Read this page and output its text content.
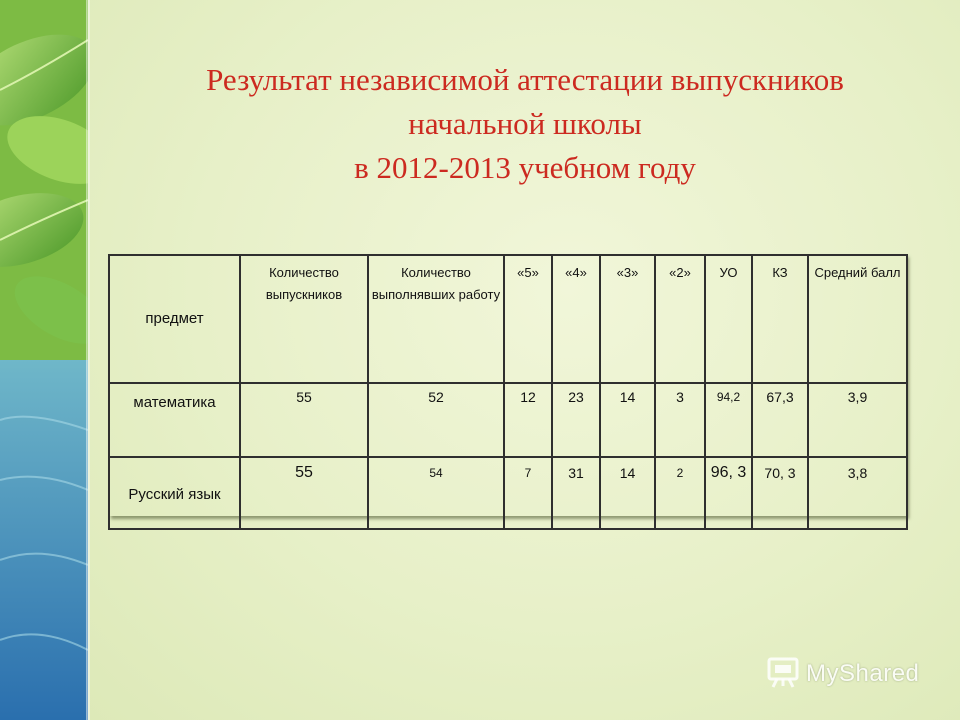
Результат независимой аттестации выпускников
начальной школы
в 2012-2013 учебном году
предмет	Количество выпускников	Количество выполнявших работу	«5»	«4»	«3»	«2»	УО	КЗ	Средний балл
математика	55	52	12	23	14	3	94,2	67,3	3,9
Русский язык	55	54	7	31	14	2	96, 3	70, 3	3,8
MyShared
